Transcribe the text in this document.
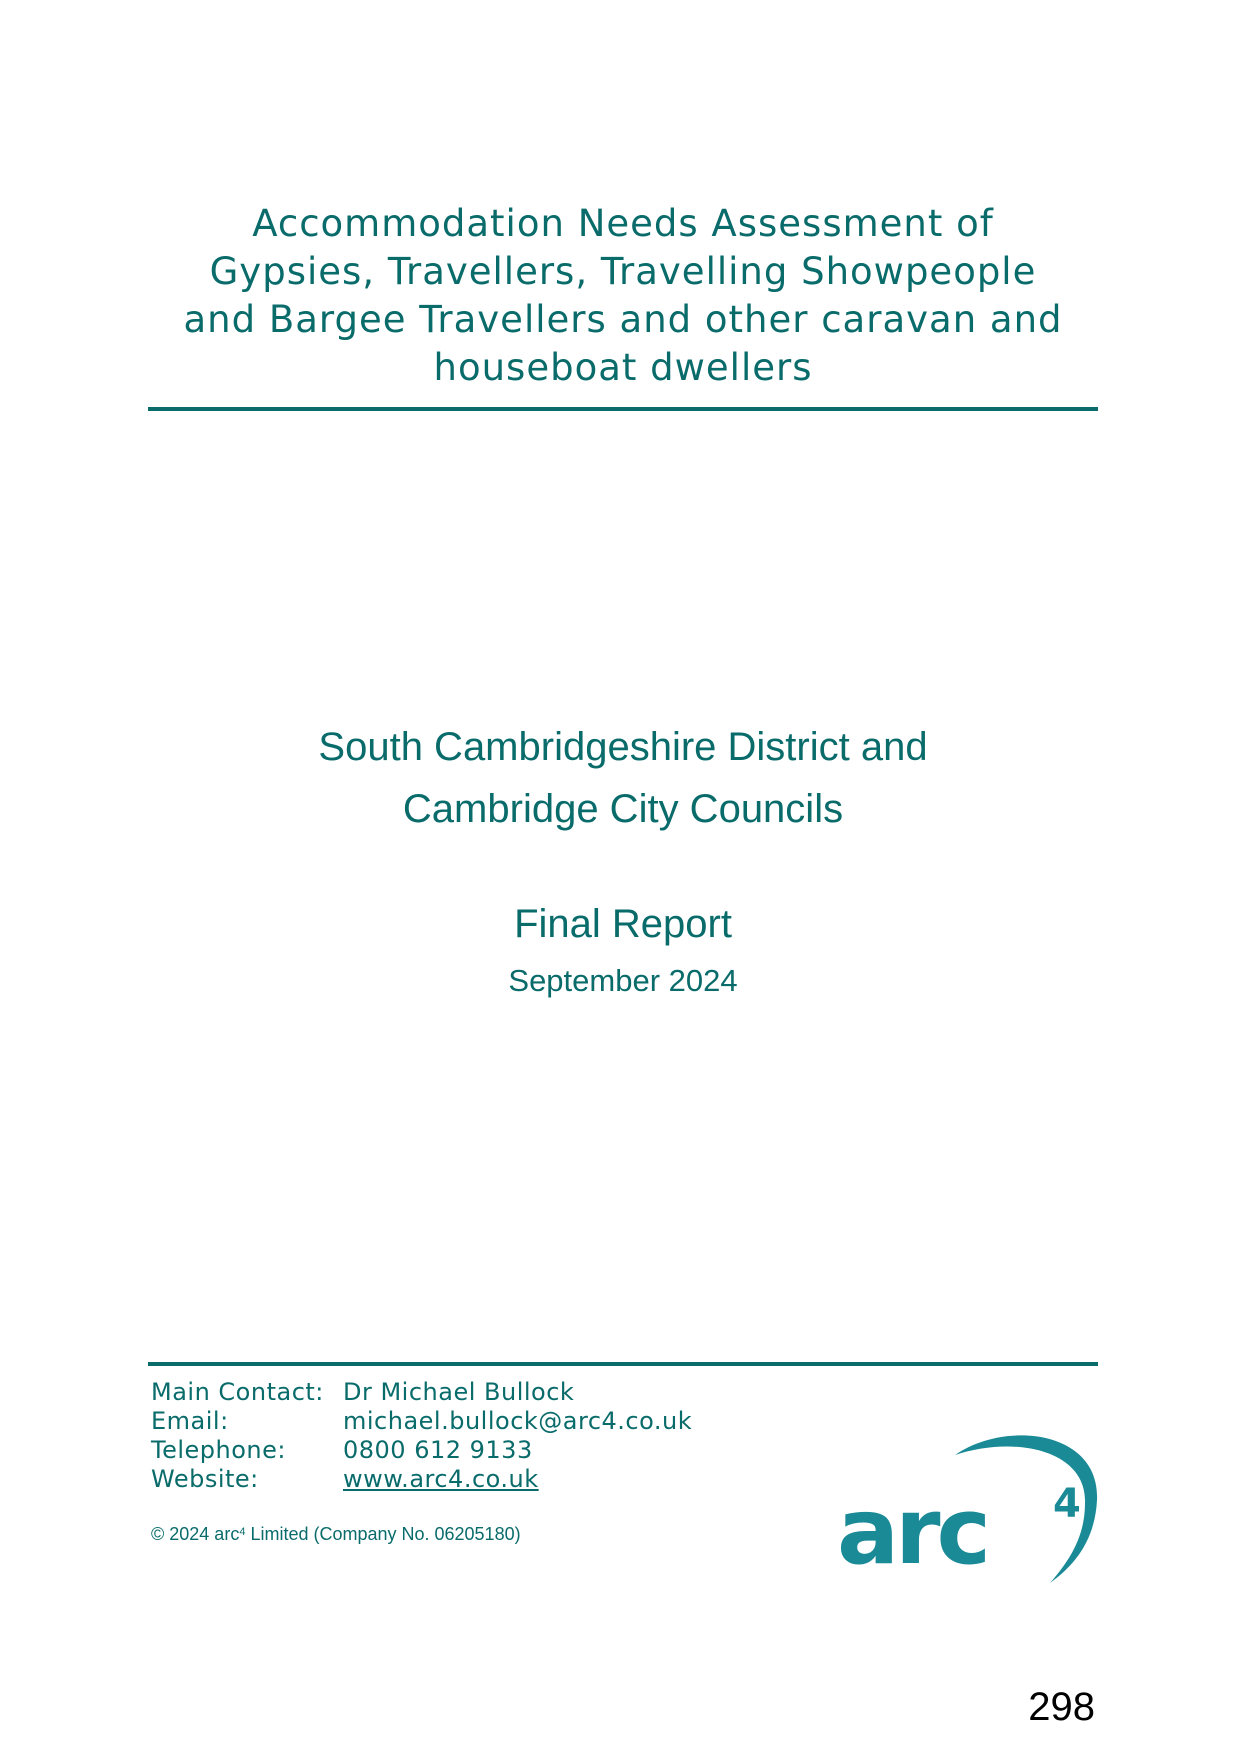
Accommodation Needs Assessment of
Gypsies, Travellers, Travelling Showpeople
and Bargee Travellers and other caravan and
houseboat dwellers
South Cambridgeshire District and
Cambridge City Councils
Final Report
September 2024
Main Contact: Dr Michael Bullock
Email:	michael.bullock@arc4.co.uk
Telephone:	0800 612 9133
Website:	www.arc4.co.uk
© 2024 arc$^4$ Limited (Company No. 06205180)	arc 4
298
